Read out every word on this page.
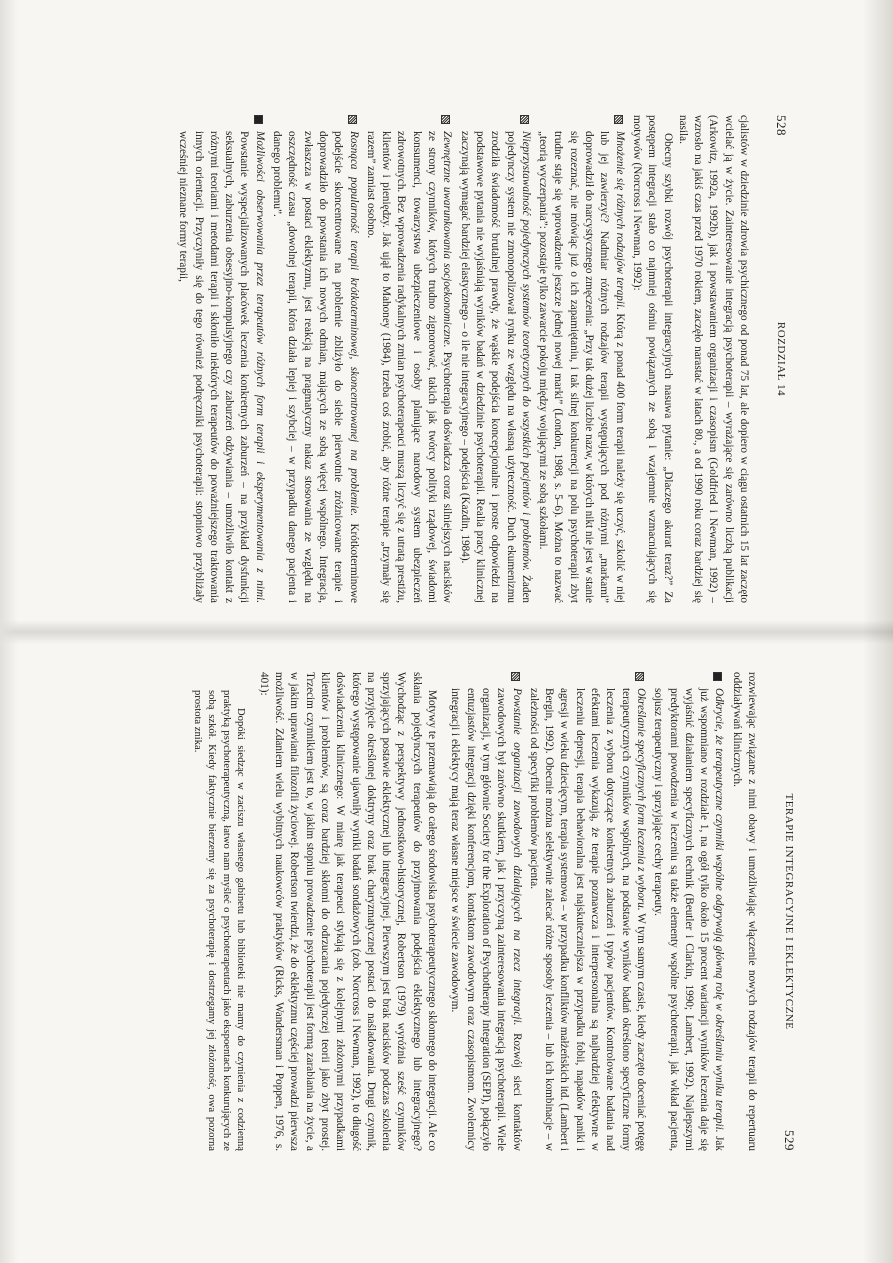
528
ROZDZIAŁ 14

cjalistów w dziedzinie zdrowia psychicznego od ponad 75 lat, ale dopiero w ciągu ostatnich 15 lat zaczęto wcielać ją w życie. Zainteresowanie integracją psychoterapii – wyrażające się zarówno liczbą publikacji (Arkowitz, 1992a, 1992b), jak i powstawaniem organizacji i czasopism (Goldfried i Newman, 1992) – wzrosło na jakiś czas przed 1970 rokiem, zaczęło narastać w latach 80., a od 1990 roku coraz bardziej się nasila.

Obecny szybki rozwój psychoterapii integracyjnych nasuwa pytanie: „Dlaczego akurat teraz?” Za postępem integracji stało co najmniej ośmiu powiązanych ze sobą i wzajemnie wzmacniających się motywów (Norcross i Newman, 1992):

Mnożenie się różnych rodzajów terapii. Którą z ponad 400 form terapii należy się uczyć, szkolić w niej lub jej zawierzyć? Nadmiar różnych rodzajów terapii występujących pod różnymi „markami” doprowadził do narcystycznego zmęczenia: „Przy tak dużej liczbie nazw, w których nikt nie jest w stanie się rozeznać, nie mówiąc już o ich zapamiętaniu, i tak silnej konkurencji na polu psychoterapii zbyt trudne staje się wprowadzenie jeszcze jednej nowej marki” (London, 1988, s. 5–6). Można to nazwać „teorią wyczerpania”: pozostaje tylko zawarcie pokoju między wojującymi ze sobą szkołami.
Nieprzystawalność pojedynczych systemów teoretycznych do wszystkich pacjentów i problemów. Żaden pojedynczy system nie zmonopolizował rynku ze względu na własną użyteczność. Duch ekumenizmu zrodziła świadomość brutalnej prawdy, że wąskie podejścia koncepcjonalne i proste odpowiedzi na podstawowe pytania nie wyjaśniają wyników badań w dziedzinie psychoterapii. Realia pracy klinicznej zaczynają wymagać bardziej elastycznego – o ile nie integracyjnego – podejścia (Kazdin, 1984).
Zewnętrzne uwarunkowania socjoekonomiczne. Psychoterapia doświadcza coraz silniejszych nacisków ze strony czynników, których trudno zignorować, takich jak twórcy polityki rządowej, świadomi konsumenci, towarzystwa ubezpieczeniowe i osoby planujące narodowy system ubezpieczeń zdrowotnych. Bez wprowadzenia radykalnych zmian psychoterapeuci muszą liczyć się z utratą prestiżu, klientów i pieniędzy. Jak ujął to Mahoney (1984), trzeba coś zrobić, aby różne terapie „trzymały się razem” zamiast osobno.
Rosnąca popularność terapii krótkoterminowej, skoncentrowanej na problemie. Krótkoterminowe podejście skoncentrowane na problemie zbliżyło do siebie pierwotnie zróżnicowane terapie i doprowadziło do powstania ich nowych odmian, mających ze sobą więcej wspólnego. Integracja, zwłaszcza w postaci eklektyzmu, jest reakcją na pragmatyczny nakaz stosowania ze względu na oszczędność czasu „dowolnej terapii, która działa lepiej i szybciej – w przypadku danego pacjenta i danego problemu”.
Możliwości obserwowania przez terapeutów różnych form terapii i eksperymentowania z nimi. Powstanie wyspecjalizowanych placówek leczenia konkretnych zaburzeń – na przykład dysfunkcji seksualnych, zaburzenia obsesyjno-kompulsyjnego czy zaburzeń odżywiania – umożliwiło kontakt z różnymi teoriami i metodami terapii i skłoniło niektórych terapeutów do poważniejszego traktowania innych orientacji. Przyczyniły się do tego również podręczniki psychoterapii: stopniowo przybliżały wcześniej nieznane formy terapii,
TERAPIE INTEGRACYJNE I EKLEKTYCZNE
529

rozwiewając związane z nimi obawy i umożliwiając włączenie nowych rodzajów terapii do repertuaru oddziaływań klinicznych.

Odkrycie, że terapeutyczne czynniki wspólne odgrywają główną rolę w określaniu wyniku terapii. Jak już wspomniano w rozdziale 1, na ogół tylko około 15 procent wariancji wyników leczenia daje się wyjaśnić działaniem specyficznych technik (Beutler i Clarkin, 1990; Lambert, 1992). Najlepszymi predyktorami powodzenia w leczeniu są także elementy wspólne psychoterapii, jak wkład pacjenta, sojusz terapeutyczny i sprzyjające cechy terapeuty.
Określanie specyficznych form leczenia z wyboru. W tym samym czasie, kiedy zaczęto doceniać potęgę terapeutycznych czynników wspólnych, na podstawie wyników badań określono specyficzne formy leczenia z wyboru dotyczące konkretnych zaburzeń i typów pacjentów. Kontrolowane badania nad efektami leczenia wykazują, że terapie poznawcza i interpersonalna są najbardziej efektywne w leczeniu depresji, terapia behawioralna jest najskuteczniejsza w przypadku fobii, napadów paniki i agresji w wieku dziecięcym, terapia systemowa – w przypadku konfliktów małżeńskich itd. (Lambert i Bergin, 1992). Obecnie można selektywnie zalecać różne sposoby leczenia – lub ich kombinacje – w zależności od specyfiki problemów pacjenta.
Powstanie organizacji zawodowych działających na rzecz integracji. Rozwój sieci kontaktów zawodowych był zarówno skutkiem, jak i przyczyną zainteresowania integracją psychoterapii. Wiele organizacji, w tym głównie Society for the Exploration of Psychotherapy Integration (SEPI), połączyło entuzjastów integracji dzięki konferencjom, kontaktom zawodowym oraz czasopismom. Zwolennicy integracji i eklektycy mają teraz własne miejsce w świecie zawodowym.

Motywy te przemawiają do całego środowiska psychoterapeutycznego skłonnego do integracji. Ale co skłania pojedynczych terapeutów do przyjmowania podejścia eklektycznego lub integracyjnego? Wychodząc z perspektywy jednostkowo-historycznej, Robertson (1979) wyróżnia sześć czynników sprzyjających postawie eklektycznej lub integracyjnej. Pierwszym jest brak nacisków podczas szkolenia na przyjęcie określonej doktryny oraz brak charyzmatycznej postaci do naśladowania. Drugi czynnik, którego występowanie ujawniły wyniki badań sondażowych (zob. Norcross i Newman, 1992), to długość doświadczenia klinicznego: W miarę jak terapeuci stykają się z kolejnymi złożonymi przypadkami klientów i problemów, są coraz bardziej skłonni do odrzucania pojedynczej teorii jako zbyt prostej. Trzecim czynnikiem jest to, w jakim stopniu prowadzenie psychoterapii jest formą zarabiania na życie, a w jakim uprawiania filozofii życiowej. Robertson twierdzi, że do eklektyzmu częściej prowadzi pierwsza możliwość. Zdaniem wielu wybitnych naukowców praktyków (Ricks, Wandersman i Poppen, 1976, s. 401):

Dopóki siedząc w zaciszu własnego gabinetu lub biblioteki nie mamy do czynienia z codzienną praktyką psychoterapeutyczną, łatwo nam myśleć o psychoterapeutach jako ekspoentach konkurujących ze sobą szkół. Kiedy faktycznie bierzemy się za psychoterapię i dostrzegamy jej złożoność, owa pozorna prostota znika.
